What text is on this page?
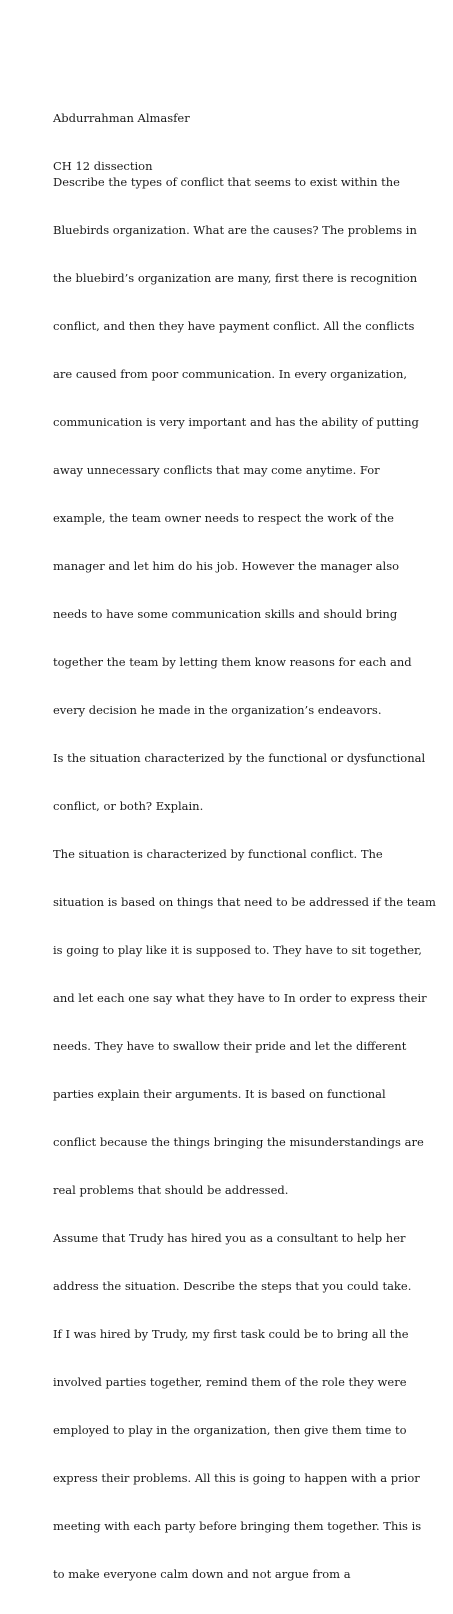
Abdurrahman Almasfer

CH 12 dissection

Describe the types of conflict that seems to exist within the

Bluebirds organization. What are the causes? The problems in

the bluebird’s organization are many, first there is recognition

conflict, and then they have payment conflict. All the conflicts

are caused from poor communication. In every organization,

communication is very important and has the ability of putting

away unnecessary conflicts that may come anytime. For

example, the team owner needs to respect the work of the

manager and let him do his job. However the manager also

needs to have some communication skills and should bring

together the team by letting them know reasons for each and

every decision he made in the organization’s endeavors.

Is the situation characterized by the functional or dysfunctional

conflict, or both? Explain.

The situation is characterized by functional conflict. The

situation is based on things that need to be addressed if the team

is going to play like it is supposed to. They have to sit together,

and let each one say what they have to In order to express their

needs. They have to swallow their pride and let the different

parties explain their arguments. It is based on functional

conflict because the things bringing the misunderstandings are

real problems that should be addressed.

Assume that Trudy has hired you as a consultant to help her

address the situation. Describe the steps that you could take.

If I was hired by Trudy, my first task could be to bring all the

involved parties together, remind them of the role they were

employed to play in the organization, then give them time to

express their problems. All this is going to happen with a prior

meeting with each party before bringing them together. This is

to make everyone calm down and not argue from a
